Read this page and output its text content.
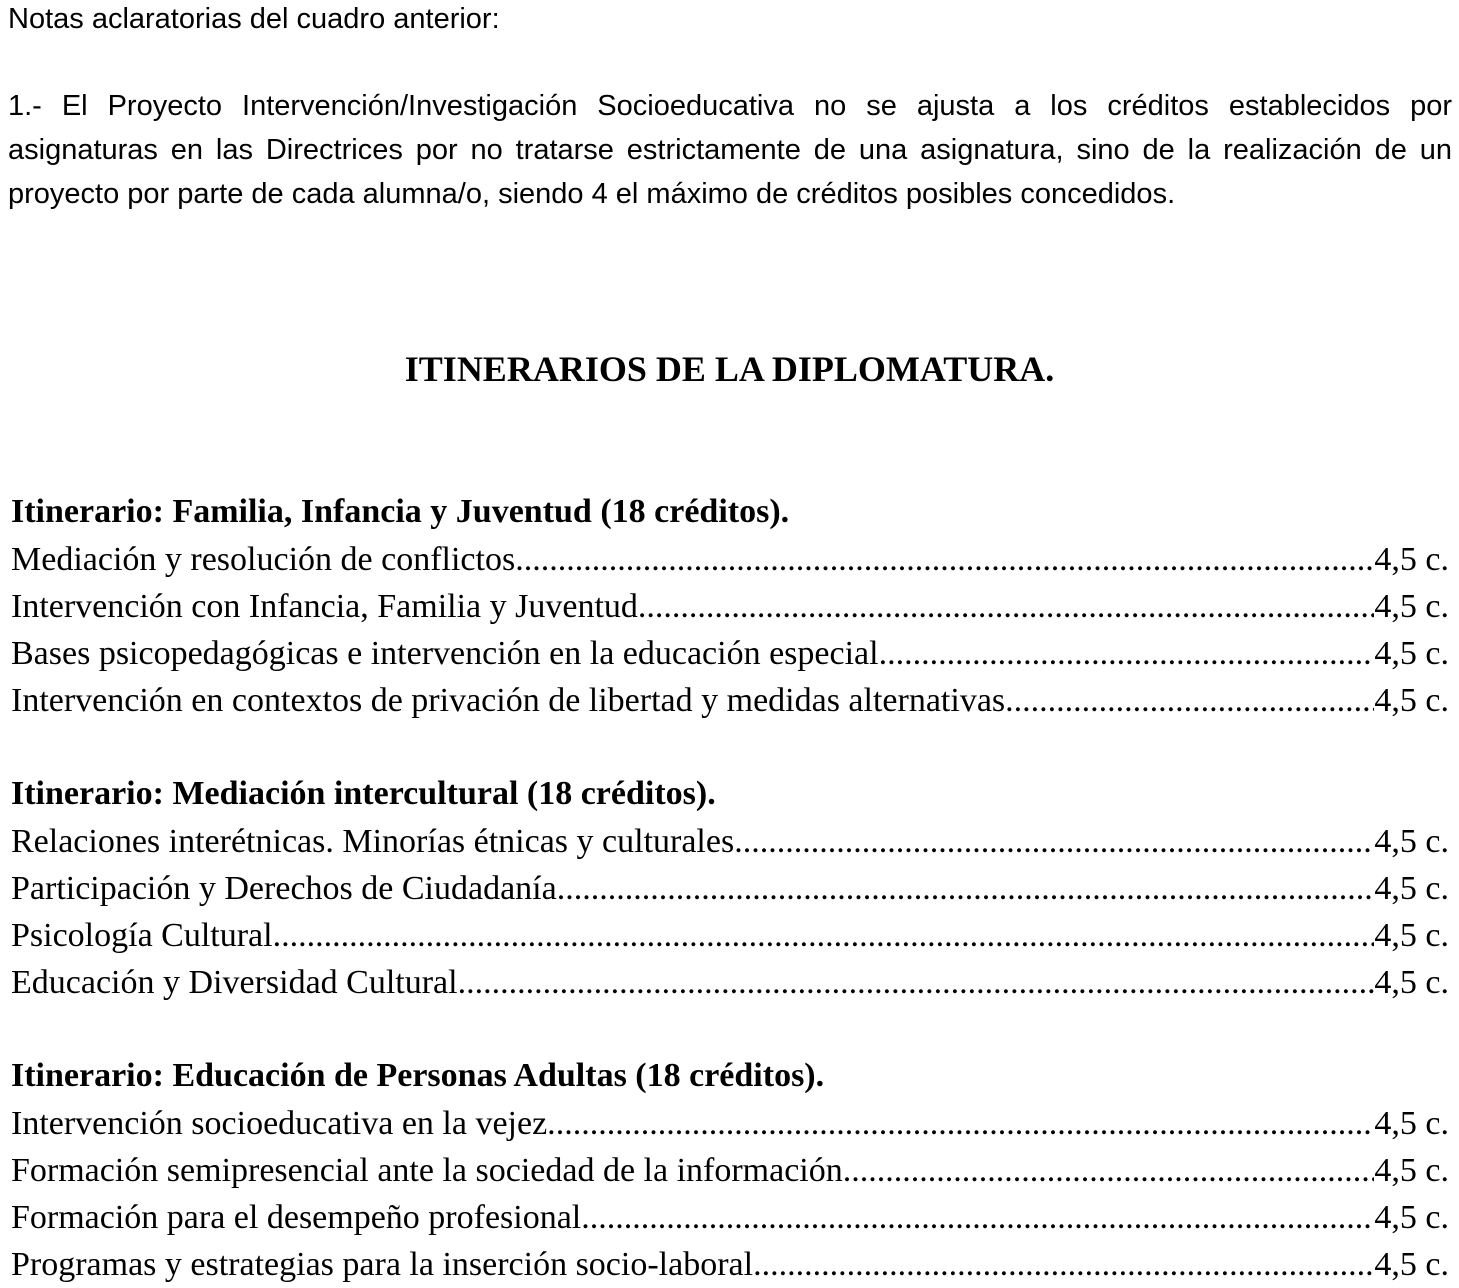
Notas aclaratorias del cuadro anterior:

1.- El Proyecto Intervención/Investigación Socioeducativa no se ajusta a los créditos establecidos por asignaturas en las Directrices por no tratarse estrictamente de una asignatura, sino de la realización de un proyecto por parte de cada alumna/o, siendo 4 el máximo de créditos posibles concedidos.

ITINERARIOS DE LA DIPLOMATURA.
Itinerario: Familia, Infancia y Juventud (18 créditos).
Mediación y resolución de conflictos .....	4,5 c.
Intervención con Infancia, Familia y Juventud .....	4,5 c.
Bases psicopedagógicas e intervención en la educación especial .....	4,5 c.
Intervención en contextos de privación de libertad y medidas alternativas .....	4,5 c.
Itinerario: Mediación intercultural (18 créditos).
Relaciones interétnicas. Minorías étnicas y culturales .....	4,5 c.
Participación y Derechos de Ciudadanía .....	4,5 c.
Psicología Cultural .....	4,5 c.
Educación y Diversidad Cultural .....	4,5 c.
Itinerario: Educación de Personas Adultas (18 créditos).
Intervención socioeducativa en la vejez. .....	4,5 c.
Formación semipresencial ante la sociedad de la información .....	4,5 c.
Formación para el desempeño profesional .....	4,5 c.
Programas y estrategias para la inserción socio-laboral .....	4,5 c.
